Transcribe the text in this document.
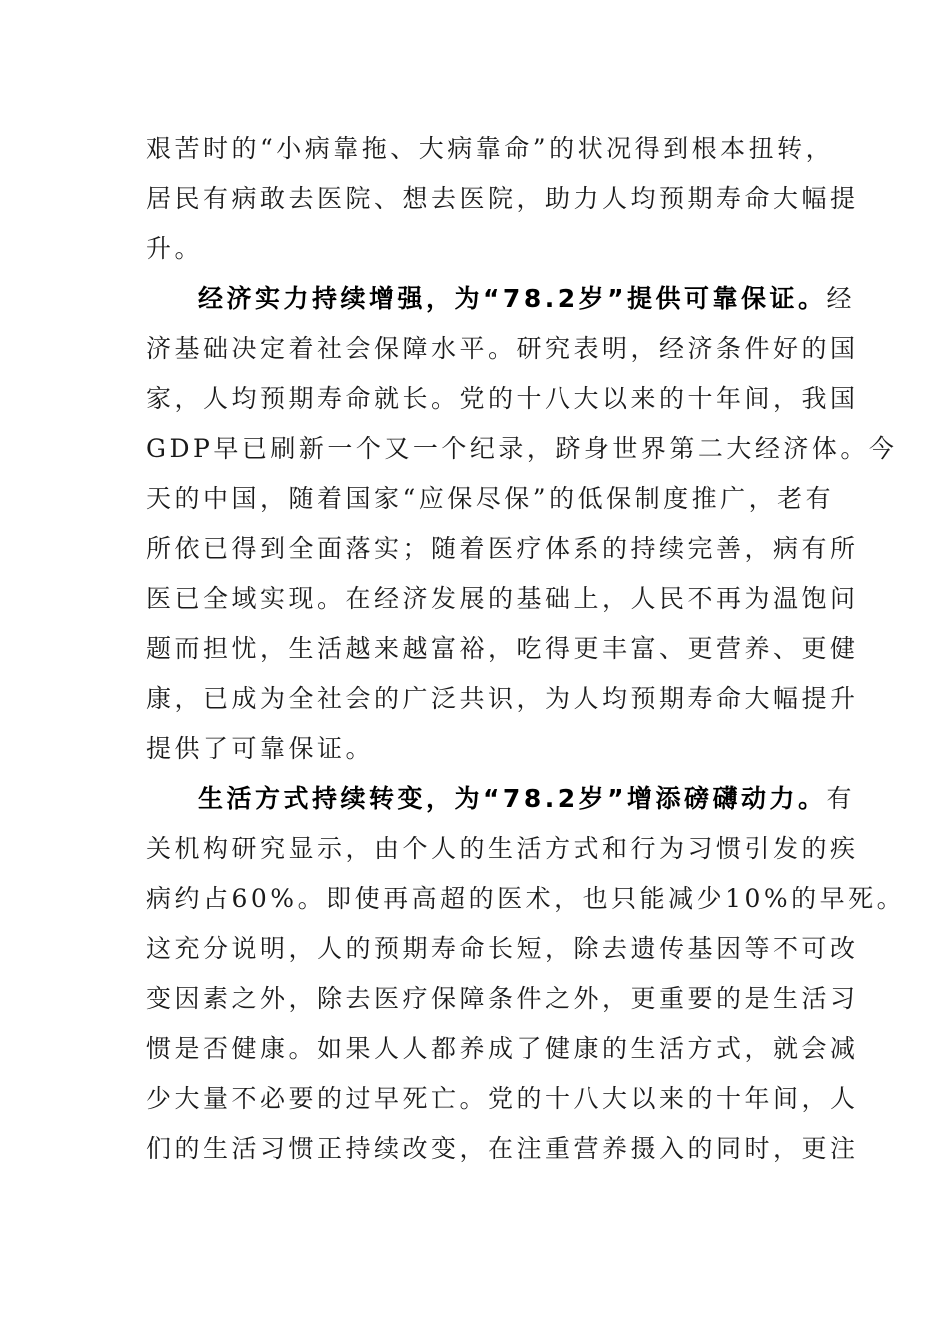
艰苦时的“小病靠拖、大病靠命”的状况得到根本扭转，
居民有病敢去医院、想去医院，助力人均预期寿命大幅提
升。
经济实力持续增强，为“78.2岁”提供可靠保证。经
济基础决定着社会保障水平。研究表明，经济条件好的国
家，人均预期寿命就长。党的十八大以来的十年间，我国
GDP早已刷新一个又一个纪录，跻身世界第二大经济体。今
天的中国，随着国家“应保尽保”的低保制度推广，老有
所依已得到全面落实；随着医疗体系的持续完善，病有所
医已全域实现。在经济发展的基础上，人民不再为温饱问
题而担忧，生活越来越富裕，吃得更丰富、更营养、更健
康，已成为全社会的广泛共识，为人均预期寿命大幅提升
提供了可靠保证。
生活方式持续转变，为“78.2岁”增添磅礴动力。有
关机构研究显示，由个人的生活方式和行为习惯引发的疾
病约占60%。即使再高超的医术，也只能减少10%的早死。
这充分说明，人的预期寿命长短，除去遗传基因等不可改
变因素之外，除去医疗保障条件之外，更重要的是生活习
惯是否健康。如果人人都养成了健康的生活方式，就会减
少大量不必要的过早死亡。党的十八大以来的十年间，人
们的生活习惯正持续改变，在注重营养摄入的同时，更注
